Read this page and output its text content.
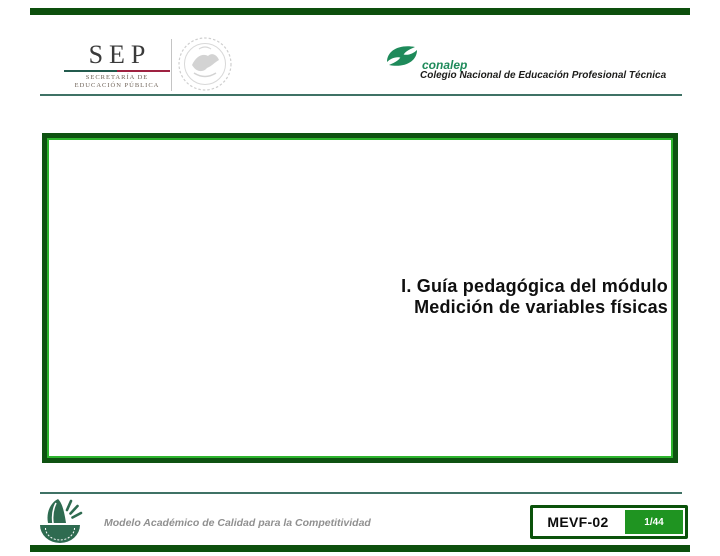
SEP
SECRETARÍA DE
EDUCACIÓN PÚBLICA
conalep
Colegio Nacional de Educación Profesional Técnica
I. Guía pedagógica del módulo
Medición de variables físicas
Modelo Académico de Calidad para la Competitividad	MEVF-02	1/44
